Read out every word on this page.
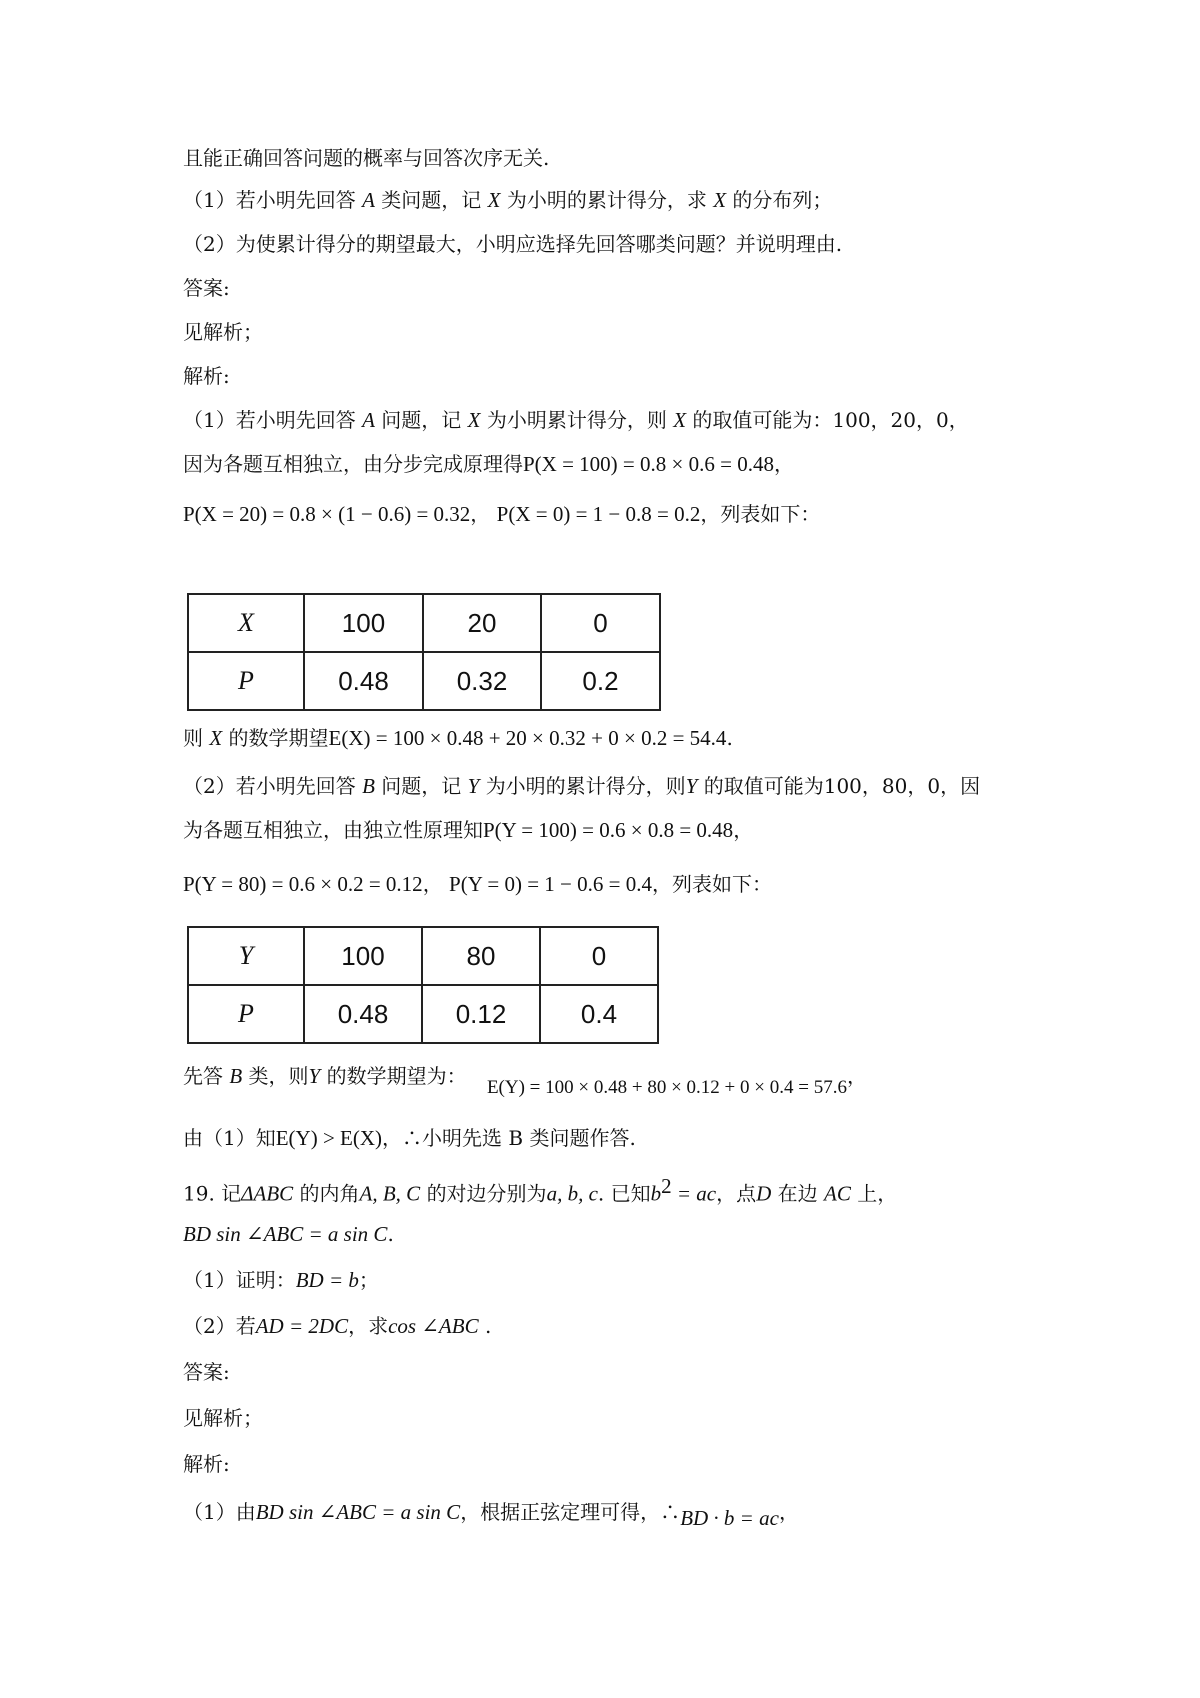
且能正确回答问题的概率与回答次序无关.
（1）若小明先回答 A 类问题，记 X 为小明的累计得分，求 X 的分布列；
（2）为使累计得分的期望最大，小明应选择先回答哪类问题？并说明理由.
答案:
见解析；
解析:
（1）若小明先回答 A 问题，记 X 为小明累计得分，则 X 的取值可能为：100，20，0，
因为各题互相独立，由分步完成原理得P(X = 100) = 0.8 × 0.6 = 0.48，
P(X = 20) = 0.8 × (1 − 0.6) = 0.32， P(X = 0) = 1 − 0.8 = 0.2，列表如下：
X	100	20	0
P	0.48	0.32	0.2
则 X 的数学期望E(X) = 100 × 0.48 + 20 × 0.32 + 0 × 0.2 = 54.4.
（2）若小明先回答 B 问题，记 Y 为小明的累计得分，则Y 的取值可能为100，80，0，因
为各题互相独立，由独立性原理知P(Y = 100) = 0.6 × 0.8 = 0.48，
P(Y = 80) = 0.6 × 0.2 = 0.12， P(Y = 0) = 1 − 0.6 = 0.4，列表如下：
Y	100	80	0
P	0.48	0.12	0.4
先答 B 类，则Y 的数学期望为： E(Y) = 100 × 0.48 + 80 × 0.12 + 0 × 0.4 = 57.6，
由（1）知E(Y) > E(X)，∴小明先选 B 类问题作答.
19. 记ΔABC 的内角A, B, C 的对边分别为a, b, c. 已知$b^2$ = ac，点D 在边 AC 上，
BD sin ∠ABC = a sin C.
（1）证明：BD = b；
（2）若AD = 2DC，求cos ∠ABC .
答案:
见解析；
解析:
（1）由BD sin ∠ABC = a sin C，根据正弦定理可得，∴BD · b = ac，
